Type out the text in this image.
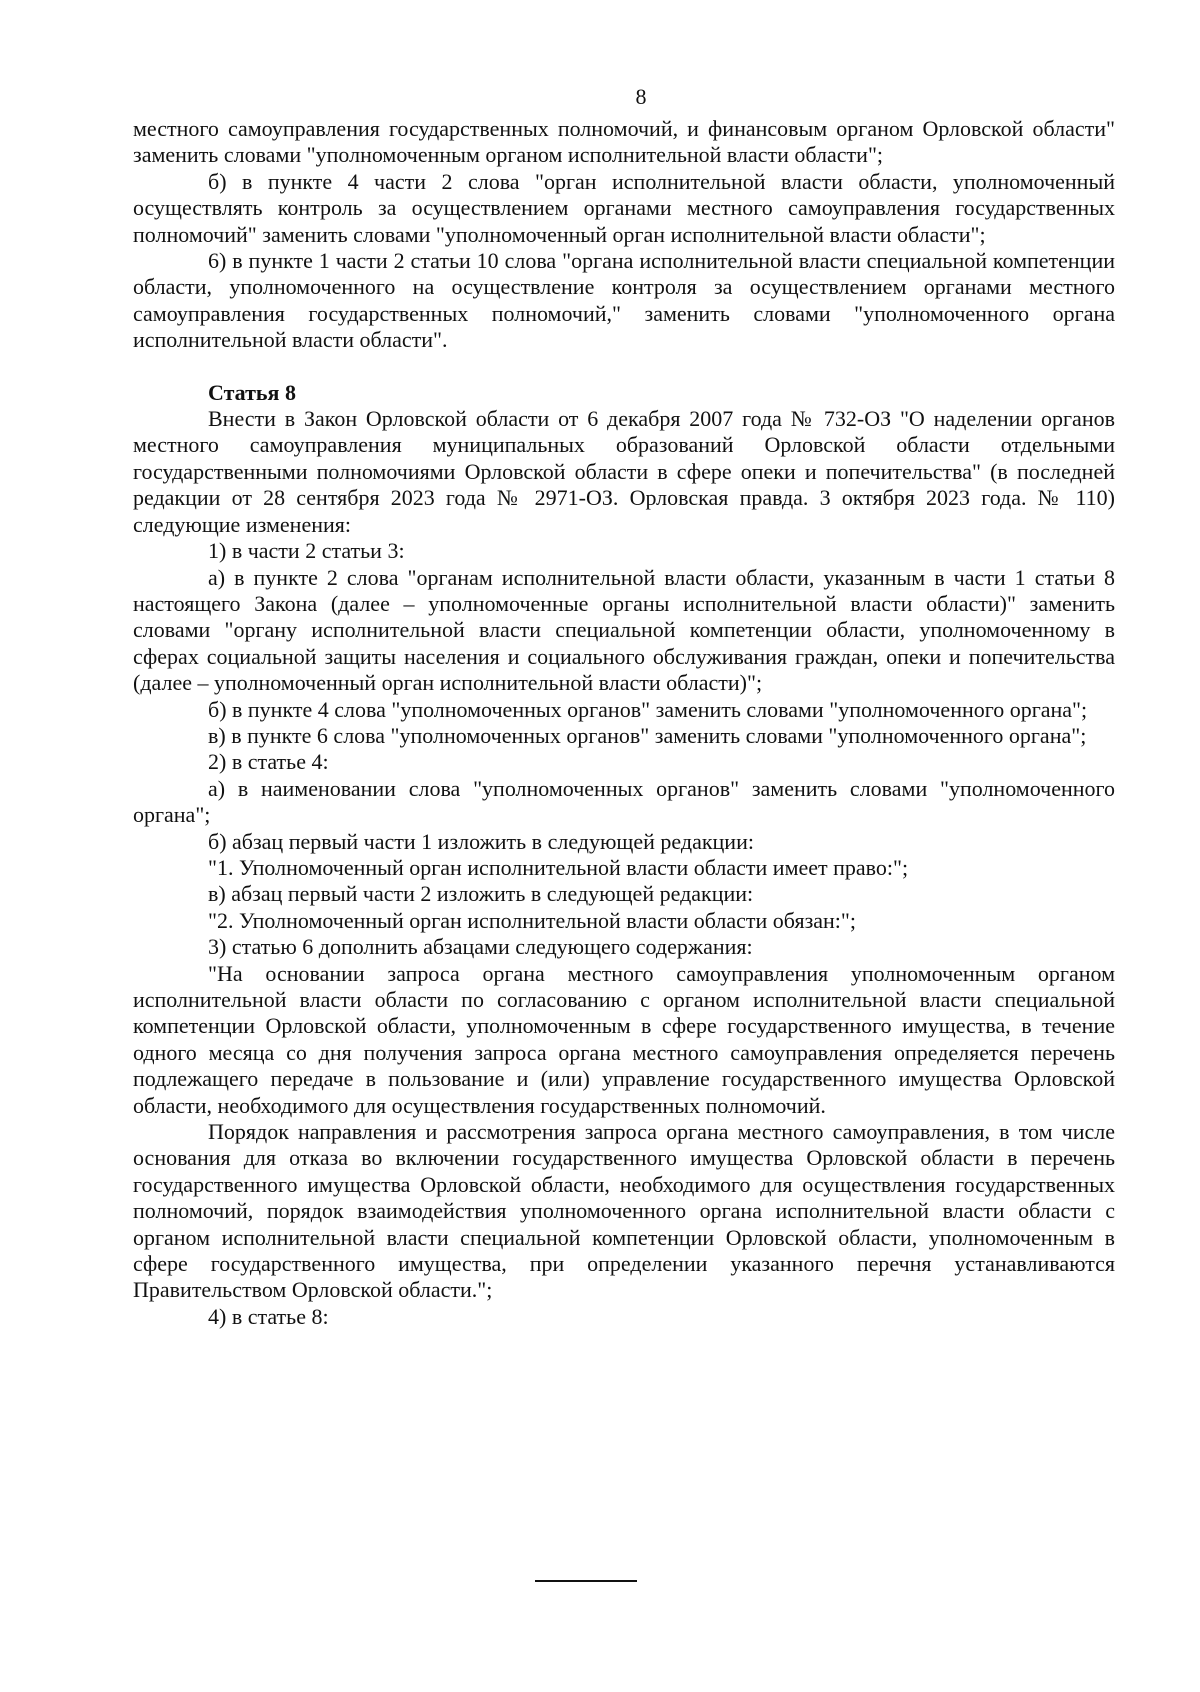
8

местного самоуправления государственных полномочий, и финансовым органом Орловской области" заменить словами "уполномоченным органом исполнительной власти области";

б) в пункте 4 части 2 слова "орган исполнительной власти области, уполномоченный осуществлять контроль за осуществлением органами местного самоуправления государственных полномочий" заменить словами "уполномоченный орган исполнительной власти области";

6) в пункте 1 части 2 статьи 10 слова "органа исполнительной власти специальной компетенции области, уполномоченного на осуществление контроля за осуществлением органами местного самоуправления государственных полномочий," заменить словами "уполномоченного органа исполнительной власти области".

Статья 8

Внести в Закон Орловской области от 6 декабря 2007 года № 732-ОЗ "О наделении органов местного самоуправления муниципальных образований Орловской области отдельными государственными полномочиями Орловской области в сфере опеки и попечительства" (в последней редакции от 28 сентября 2023 года № 2971-ОЗ. Орловская правда. 3 октября 2023 года. № 110) следующие изменения:

1) в части 2 статьи 3:

а) в пункте 2 слова "органам исполнительной власти области, указанным в части 1 статьи 8 настоящего Закона (далее – уполномоченные органы исполнительной власти области)" заменить словами "органу исполнительной власти специальной компетенции области, уполномоченному в сферах социальной защиты населения и социального обслуживания граждан, опеки и попечительства (далее – уполномоченный орган исполнительной власти области)";

б) в пункте 4 слова "уполномоченных органов" заменить словами "уполномоченного органа";

в) в пункте 6 слова "уполномоченных органов" заменить словами "уполномоченного органа";

2) в статье 4:

а) в наименовании слова "уполномоченных органов" заменить словами "уполномоченного органа";

б) абзац первый части 1 изложить в следующей редакции:

"1. Уполномоченный орган исполнительной власти области имеет право:";

в) абзац первый части 2 изложить в следующей редакции:

"2. Уполномоченный орган исполнительной власти области обязан:";

3) статью 6 дополнить абзацами следующего содержания:

"На основании запроса органа местного самоуправления уполномоченным органом исполнительной власти области по согласованию с органом исполнительной власти специальной компетенции Орловской области, уполномоченным в сфере государственного имущества, в течение одного месяца со дня получения запроса органа местного самоуправления определяется перечень подлежащего передаче в пользование и (или) управление государственного имущества Орловской области, необходимого для осуществления государственных полномочий.

Порядок направления и рассмотрения запроса органа местного самоуправления, в том числе основания для отказа во включении государственного имущества Орловской области в перечень государственного имущества Орловской области, необходимого для осуществления государственных полномочий, порядок взаимодействия уполномоченного органа исполнительной власти области с органом исполнительной власти специальной компетенции Орловской области, уполномоченным в сфере государственного имущества, при определении указанного перечня устанавливаются Правительством Орловской области.";

4) в статье 8:
